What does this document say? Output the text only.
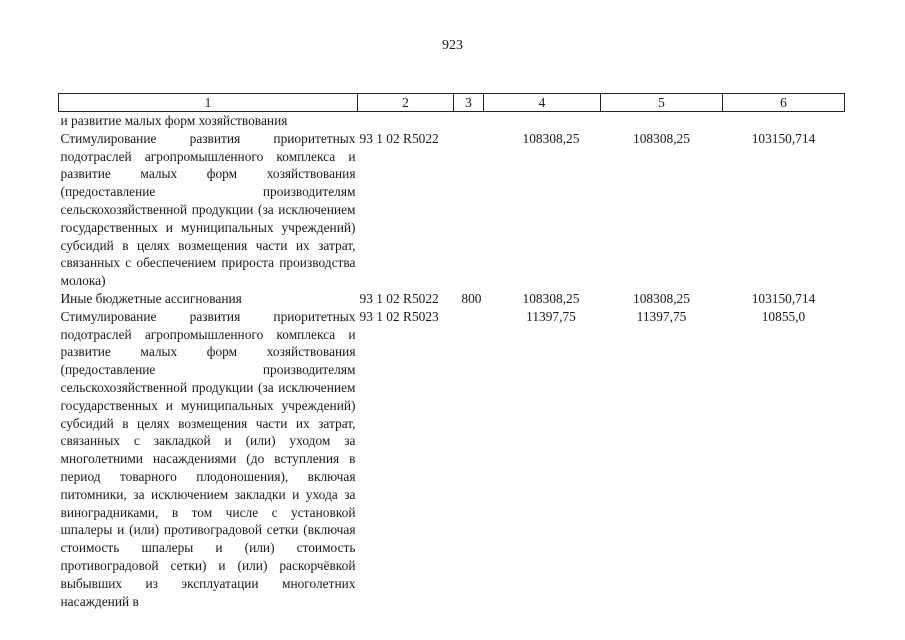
923
1	2	3	4	5	6
и развитие малых форм хозяйствования					
Стимулирование развития приоритетных подотраслей агропромышленного комплекса и развитие малых форм хозяйствования (предоставление производителям сельскохозяйственной продукции (за исключением государственных и муниципальных учреждений) субсидий в целях возмещения части их затрат, связанных с обеспечением прироста производства молока)	93 1 02 R5022		108308,25	108308,25	103150,714
Иные бюджетные ассигнования	93 1 02 R5022	800	108308,25	108308,25	103150,714
Стимулирование развития приоритетных подотраслей агропромышленного комплекса и развитие малых форм хозяйствования (предоставление производителям сельскохозяйственной продукции (за исключением государственных и муниципальных учреждений) субсидий в целях возмещения части их затрат, связанных с закладкой и (или) уходом за многолетними насаждениями (до вступления в период товарного плодоношения), включая питомники, за исключением закладки и ухода за виноградниками, в том числе с установкой шпалеры и (или) противоградовой сетки (включая стоимость шпалеры и (или) стоимость противоградовой сетки) и (или) раскорчёвкой выбывших из эксплуатации многолетних насаждений в	93 1 02 R5023		11397,75	11397,75	10855,0
